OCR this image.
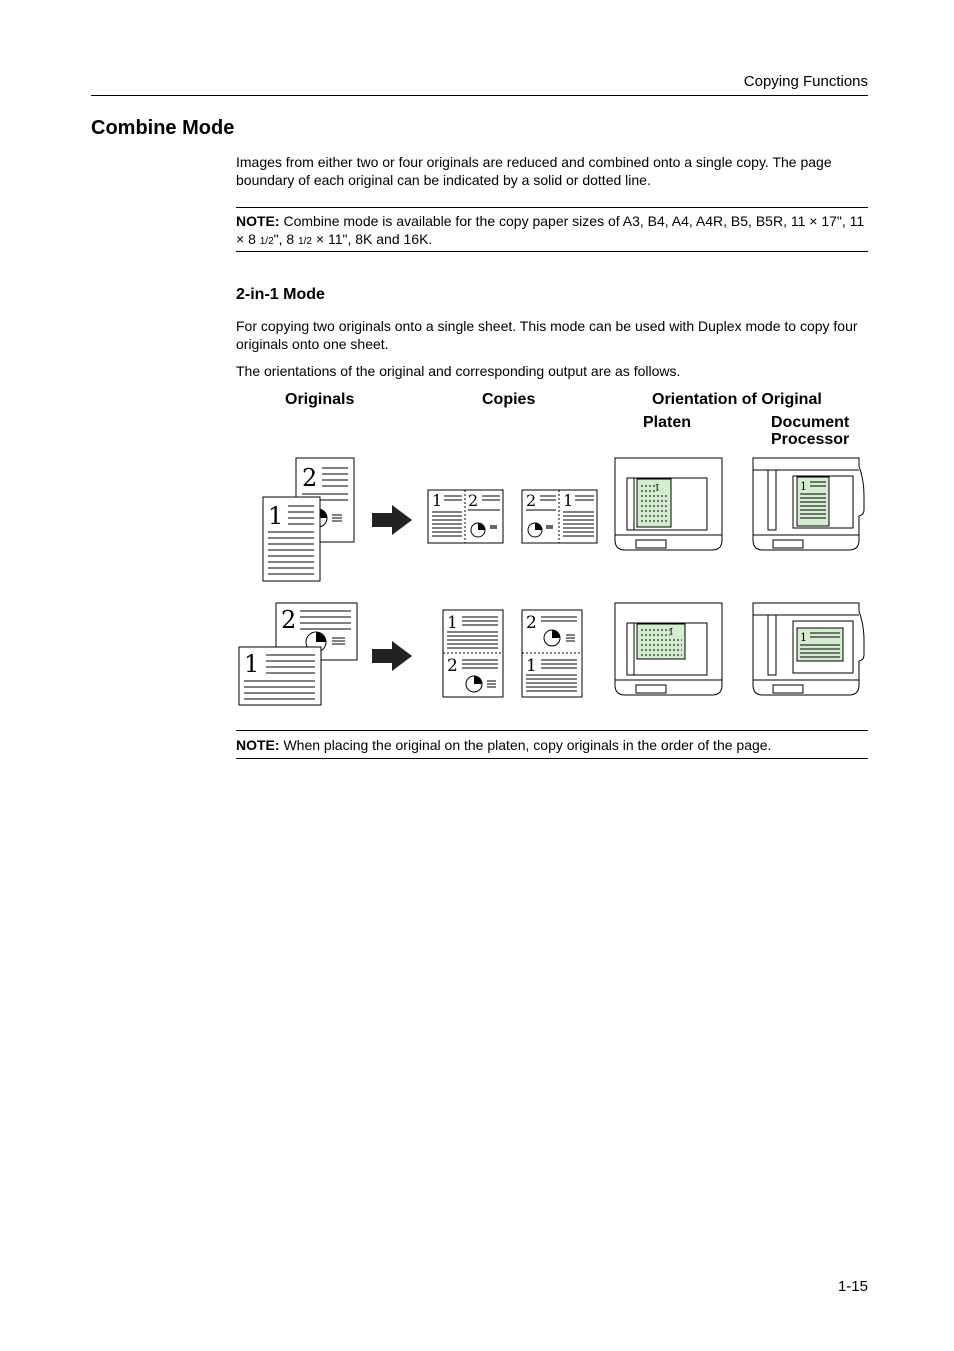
Copying Functions
Combine Mode
Images from either two or four originals are reduced and combined onto a single copy. The page boundary of each original can be indicated by a solid or dotted line.
NOTE: Combine mode is available for the copy paper sizes of A3, B4, A4, A4R, B5, B5R, 11 × 17", 11 × 8 1/2", 8 1/2 × 11", 8K and 16K.
2-in-1 Mode
For copying two originals onto a single sheet. This mode can be used with Duplex mode to copy four originals onto one sheet.
The orientations of the original and corresponding output are as follows.
Originals	Copies	Orientation of Original
Platen	Document
Processor
2
1
1 2	2 1
1	1
2
1
1
2
2
1
1
1
NOTE: When placing the original on the platen, copy originals in the order of the page.
1-15
